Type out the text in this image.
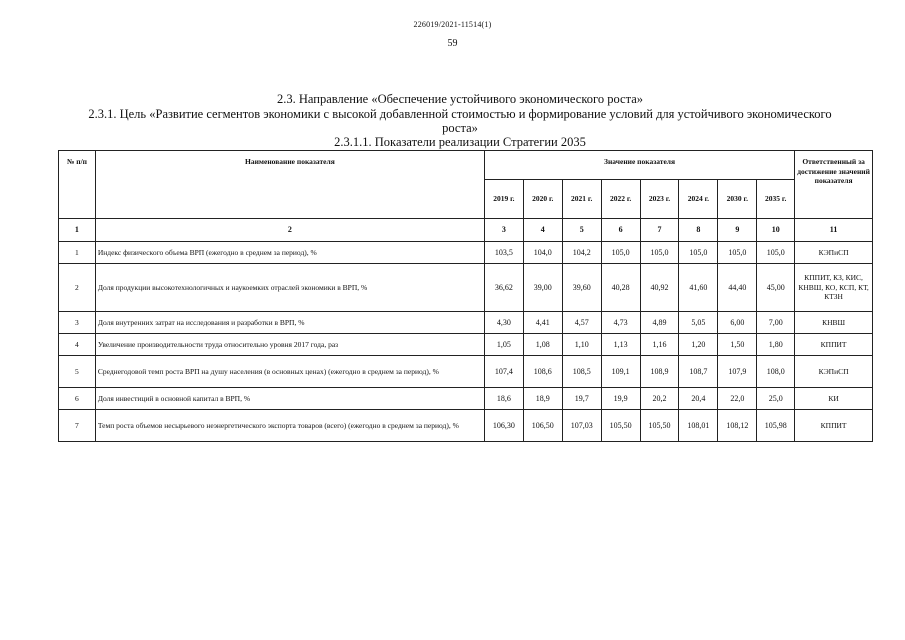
226019/2021-11514(1)
59
2.3. Направление «Обеспечение устойчивого экономического роста»
2.3.1. Цель «Развитие сегментов экономики с высокой добавленной стоимостью и формирование условий для устойчивого экономического
роста»
2.3.1.1. Показатели реализации Стратегии 2035
№ п/п	Наименование показателя	Значение показателя								Ответственный за достижение значений показателя
		2019 г.	2020 г.	2021 г.	2022 г.	2023 г.	2024 г.	2030 г.	2035 г.	
1	2	3	4	5	6	7	8	9	10	11
1	Индекс физического объема ВРП (ежегодно в среднем за период), %	103,5	104,0	104,2	105,0	105,0	105,0	105,0	105,0	КЭПиСП
2	Доля продукции высокотехнологичных и наукоемких отраслей экономики в ВРП, %	36,62	39,00	39,60	40,28	40,92	41,60	44,40	45,00	КППИТ, КЗ, КИС, КНВШ, КО, КСП, КТ, КТЗН
3	Доля внутренних затрат на исследования и разработки в ВРП, %	4,30	4,41	4,57	4,73	4,89	5,05	6,00	7,00	КНВШ
4	Увеличение производительности труда относительно уровня 2017 года, раз	1,05	1,08	1,10	1,13	1,16	1,20	1,50	1,80	КППИТ
5	Среднегодовой темп роста ВРП на душу населения (в основных ценах) (ежегодно в среднем за период), %	107,4	108,6	108,5	109,1	108,9	108,7	107,9	108,0	КЭПиСП
6	Доля инвестиций в основной капитал в ВРП, %	18,6	18,9	19,7	19,9	20,2	20,4	22,0	25,0	КИ
7	Темп роста объемов несырьевого неэнергетического экспорта товаров (всего) (ежегодно в среднем за период), %	106,30	106,50	107,03	105,50	105,50	108,01	108,12	105,98	КППИТ
